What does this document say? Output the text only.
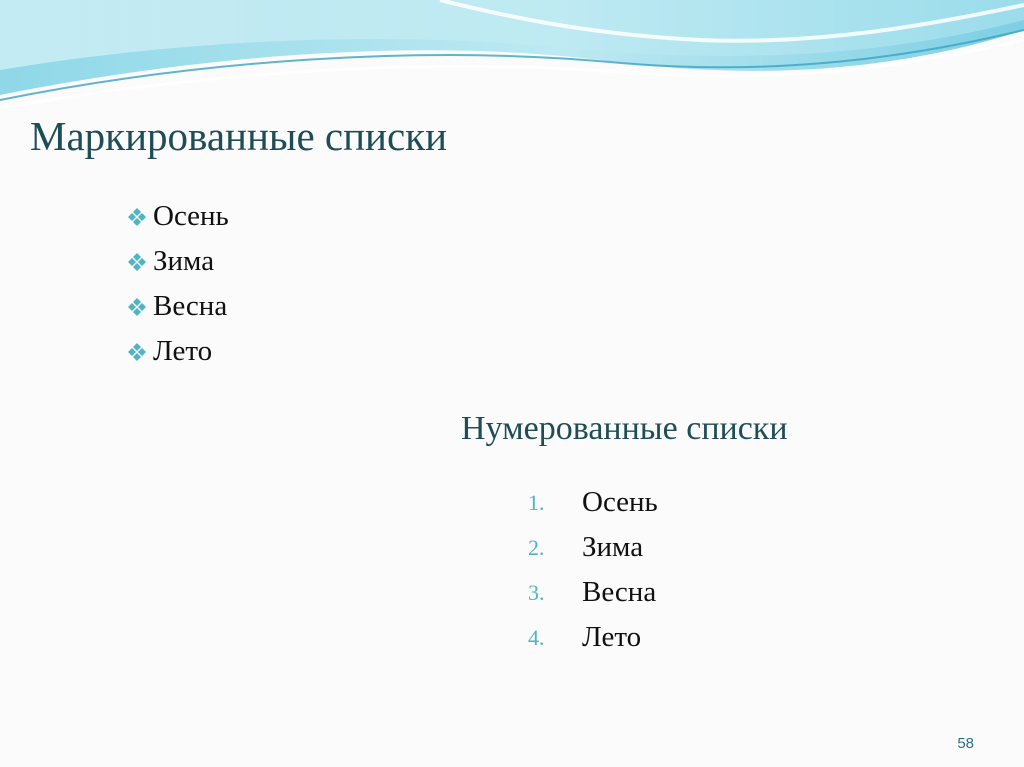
Маркированные списки
Осень
Зима
Весна
Лето
Нумерованные списки
1.	Осень
2.	Зима
3.	Весна
4.	Лето
58
